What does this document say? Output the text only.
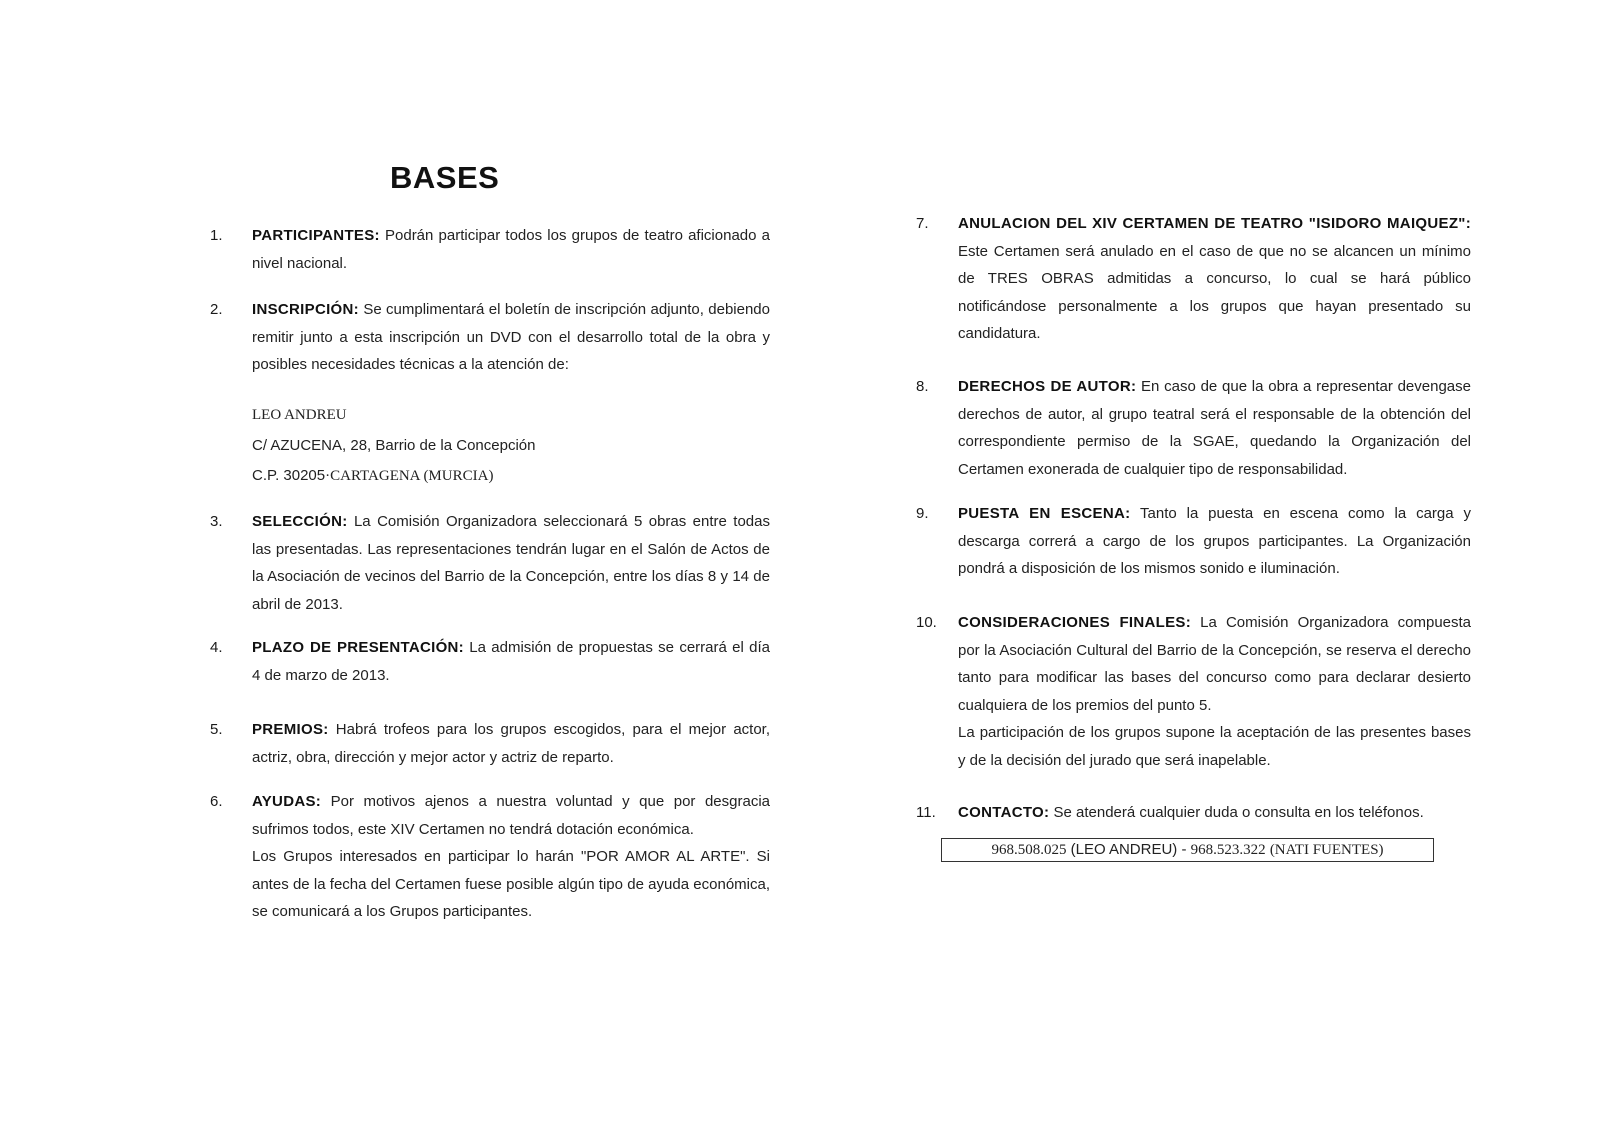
BASES
1. PARTICIPANTES: Podrán participar todos los grupos de teatro aficionado a nivel nacional.
2. INSCRIPCIÓN: Se cumplimentará el boletín de inscripción adjunto, debiendo remitir junto a esta inscripción un DVD con el desarrollo total de la obra y posibles necesidades técnicas a la atención de:
LEO ANDREU
C/ AZUCENA, 28, Barrio de la Concepción
C.P. 30205·CARTAGENA (MURCIA)
3. SELECCIÓN: La Comisión Organizadora seleccionará 5 obras entre todas las presentadas. Las representaciones tendrán lugar en el Salón de Actos de la Asociación de vecinos del Barrio de la Concepción, entre los días 8 y 14 de abril de 2013.
4. PLAZO DE PRESENTACIÓN: La admisión de propuestas se cerrará el día 4 de marzo de 2013.
5. PREMIOS: Habrá trofeos para los grupos escogidos, para el mejor actor, actriz, obra, dirección y mejor actor y actriz de reparto.
6. AYUDAS: Por motivos ajenos a nuestra voluntad y que por desgracia sufrimos todos, este XIV Certamen no tendrá dotación económica.

Los Grupos interesados en participar lo harán "POR AMOR AL ARTE". Si antes de la fecha del Certamen fuese posible algún tipo de ayuda económica, se comunicará a los Grupos participantes.

7. ANULACION DEL XIV CERTAMEN DE TEATRO "ISIDORO MAIQUEZ": Este Certamen será anulado en el caso de que no se alcancen un mínimo de TRES OBRAS admitidas a concurso, lo cual se hará público notificándose personalmente a los grupos que hayan presentado su candidatura.
8. DERECHOS DE AUTOR: En caso de que la obra a representar devengase derechos de autor, al grupo teatral será el responsable de la obtención del correspondiente permiso de la SGAE, quedando la Organización del Certamen exonerada de cualquier tipo de responsabilidad.
9. PUESTA EN ESCENA: Tanto la puesta en escena como la carga y descarga correrá a cargo de los grupos participantes. La Organización pondrá a disposición de los mismos sonido e iluminación.
10. CONSIDERACIONES FINALES: La Comisión Organizadora compuesta por la Asociación Cultural del Barrio de la Concepción, se reserva el derecho tanto para modificar las bases del concurso como para declarar desierto cualquiera de los premios del punto 5.

La participación de los grupos supone la aceptación de las presentes bases y de la decisión del jurado que será inapelable.

11. CONTACTO: Se atenderá cualquier duda o consulta en los teléfonos.
968.508.025 (LEO ANDREU) - 968.523.322 (NATI FUENTES)
